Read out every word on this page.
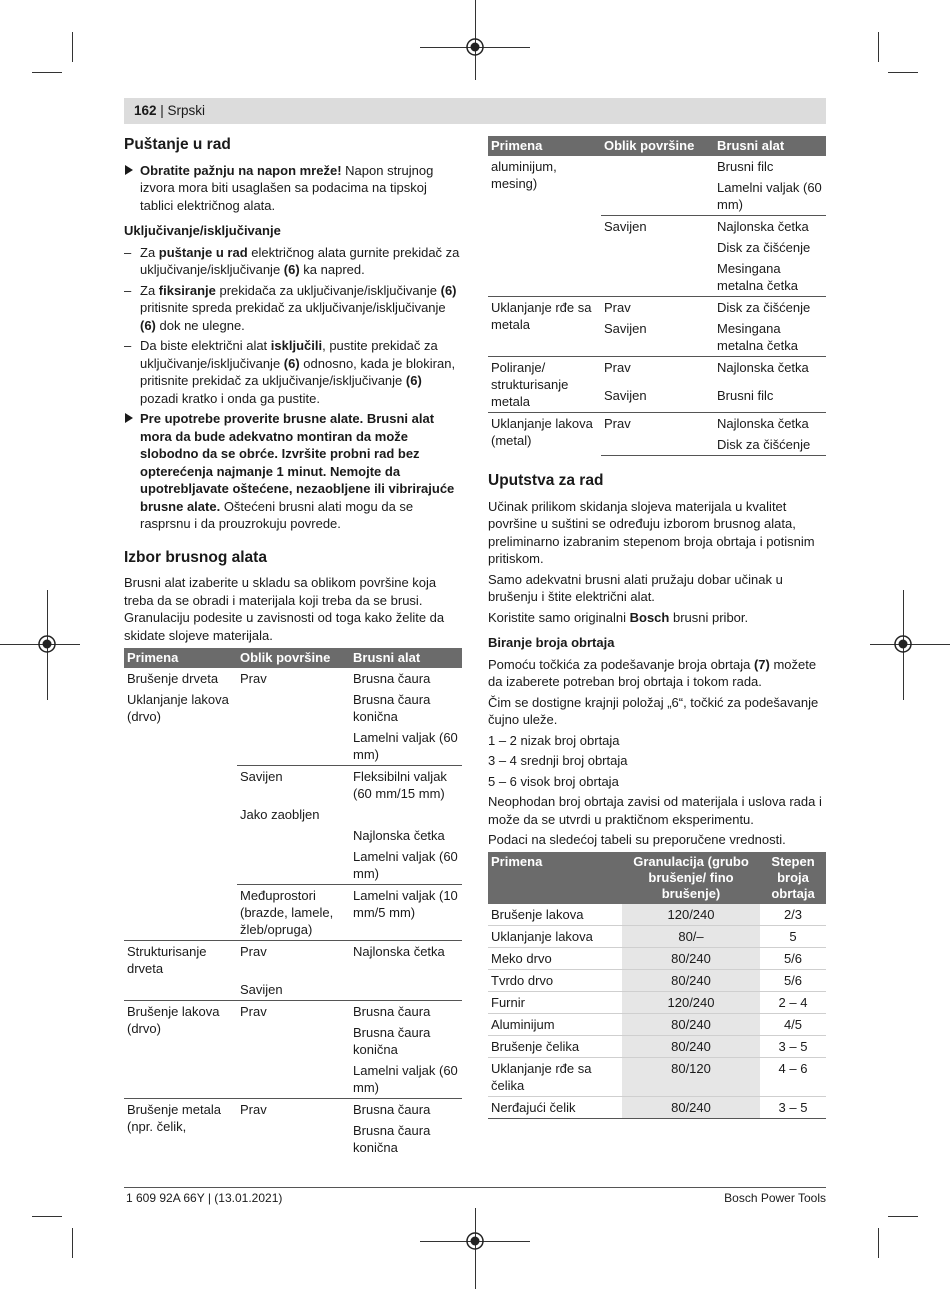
162 | Srpski
Puštanje u rad
Obratite pažnju na napon mreže! Napon strujnog izvora mora biti usaglašen sa podacima na tipskoj tablici električnog alata.
Uključivanje/isključivanje
– Za puštanje u rad električnog alata gurnite prekidač za uključivanje/isključivanje (6) ka napred.
– Za fiksiranje prekidača za uključivanje/isključivanje (6) pritisnite spreda prekidač za uključivanje/isključivanje (6) dok ne ulegne.
– Da biste električni alat isključili, pustite prekidač za uključivanje/isključivanje (6) odnosno, kada je blokiran, pritisnite prekidač za uključivanje/isključivanje (6) pozadi kratko i onda ga pustite.
Pre upotrebe proverite brusne alate. Brusni alat mora da bude adekvatno montiran da može slobodno da se obrće. Izvršite probni rad bez opterećenja najmanje 1 minut. Nemojte da upotrebljavate oštećene, nezaobljene ili vibrirajuće brusne alate. Oštećeni brusni alati mogu da se rasprsnu i da prouzrokuju povrede.
Izbor brusnog alata

Brusni alat izaberite u skladu sa oblikom površine koja treba da se obradi i materijala koji treba da se brusi. Granulaciju podesite u zavisnosti od toga kako želite da skidate slojeve materijala.

Primena	Oblik površine	Brusni alat
Brušenje drveta	Prav	Brusna čaura
Uklanjanje lakova (drvo)		Brusna čaura konična
		Lamelni valjak (60 mm)
	Savijen	Fleksibilni valjak (60 mm/15 mm)
	Jako zaobljen	
		Najlonska četka
		Lamelni valjak (60 mm)
	Međuprostori (brazde, lamele, žleb/opruga)	Lamelni valjak (10 mm/5 mm)
Strukturisanje drveta	Prav	Najlonska četka
	Savijen	
Brušenje lakova (drvo)	Prav	Brusna čaura
		Brusna čaura konična
		Lamelni valjak (60 mm)
Brušenje metala (npr. čelik,	Prav	Brusna čaura
		Brusna čaura konična
Primena	Oblik površine	Brusni alat
aluminijum, mesing)		Brusni filc
		Lamelni valjak (60 mm)
	Savijen	Najlonska četka
		Disk za čišćenje
		Mesingana metalna četka
Uklanjanje rđe sa metala	Prav	Disk za čišćenje
	Savijen	Mesingana metalna četka
Poliranje/ strukturisanje metala	Prav	Najlonska četka
	Savijen	Brusni filc
Uklanjanje lakova (metal)	Prav	Najlonska četka
		Disk za čišćenje
Uputstva za rad

Učinak prilikom skidanja slojeva materijala u kvalitet površine u suštini se određuju izborom brusnog alata, preliminarno izabranim stepenom broja obrtaja i potisnim pritiskom.

Samo adekvatni brusni alati pružaju dobar učinak u brušenju i štite električni alat.

Koristite samo originalni Bosch brusni pribor.

Biranje broja obrtaja

Pomoću točkića za podešavanje broja obrtaja (7) možete da izaberete potreban broj obrtaja i tokom rada.

Čim se dostigne krajnji položaj „6“, točkić za podešavanje čujno uleže.

1 – 2 nizak broj obrtaja

3 – 4 srednji broj obrtaja

5 – 6 visok broj obrtaja

Neophodan broj obrtaja zavisi od materijala i uslova rada i može da se utvrdi u praktičnom eksperimentu.

Podaci na sledećoj tabeli su preporučene vrednosti.

Primena	Granulacija (grubo brušenje/ fino brušenje)	Stepen broja obrtaja
Brušenje lakova	120/240	2/3
Uklanjanje lakova	80/–	5
Meko drvo	80/240	5/6
Tvrdo drvo	80/240	5/6
Furnir	120/240	2 – 4
Aluminijum	80/240	4/5
Brušenje čelika	80/240	3 – 5
Uklanjanje rđe sa čelika	80/120	4 – 6
Nerđajući čelik	80/240	3 – 5
1 609 92A 66Y | (13.01.2021)	Bosch Power Tools
